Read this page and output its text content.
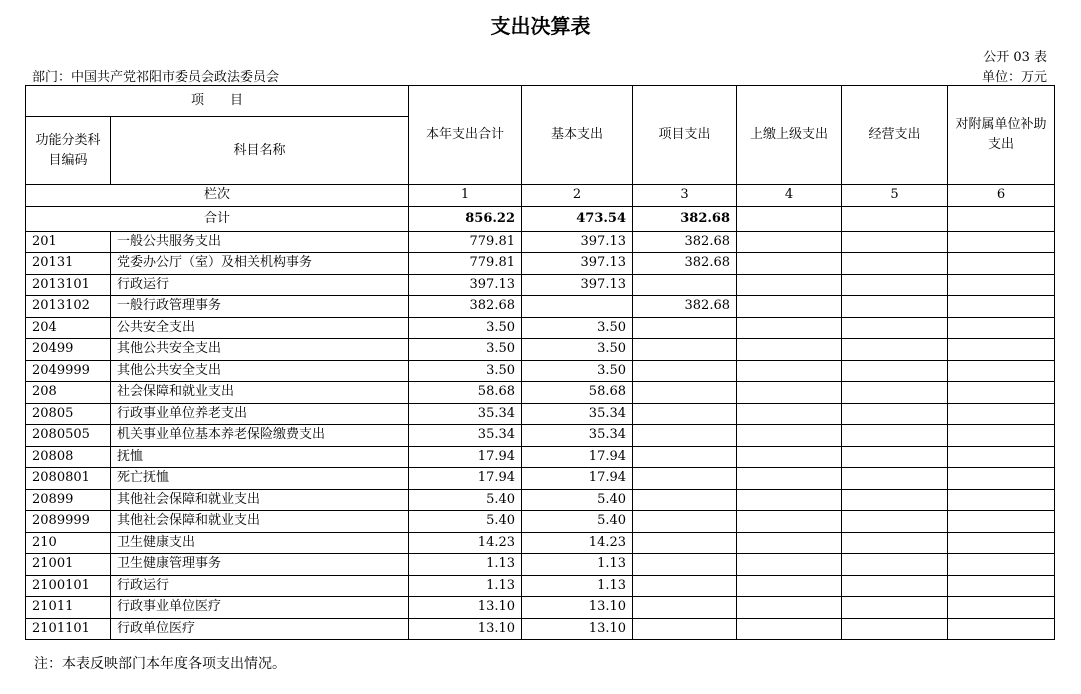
支出决算表
公开 03 表
部门：中国共产党祁阳市委员会政法委员会	单位：万元
项　　目		本年支出合计	基本支出	项目支出	上缴上级支出	经营支出	对附属单位补助支出
功能分类科目编码	科目名称						
栏次		1	2	3	4	5	6
合计		856.22	473.54	382.68			
201	一般公共服务支出	779.81	397.13	382.68			
20131	党委办公厅（室）及相关机构事务	779.81	397.13	382.68			
2013101	行政运行	397.13	397.13				
2013102	一般行政管理事务	382.68		382.68			
204	公共安全支出	3.50	3.50				
20499	其他公共安全支出	3.50	3.50				
2049999	其他公共安全支出	3.50	3.50				
208	社会保障和就业支出	58.68	58.68				
20805	行政事业单位养老支出	35.34	35.34				
2080505	机关事业单位基本养老保险缴费支出	35.34	35.34				
20808	抚恤	17.94	17.94				
2080801	死亡抚恤	17.94	17.94				
20899	其他社会保障和就业支出	5.40	5.40				
2089999	其他社会保障和就业支出	5.40	5.40				
210	卫生健康支出	14.23	14.23				
21001	卫生健康管理事务	1.13	1.13				
2100101	行政运行	1.13	1.13				
21011	行政事业单位医疗	13.10	13.10				
2101101	行政单位医疗	13.10	13.10				
注：本表反映部门本年度各项支出情况。
